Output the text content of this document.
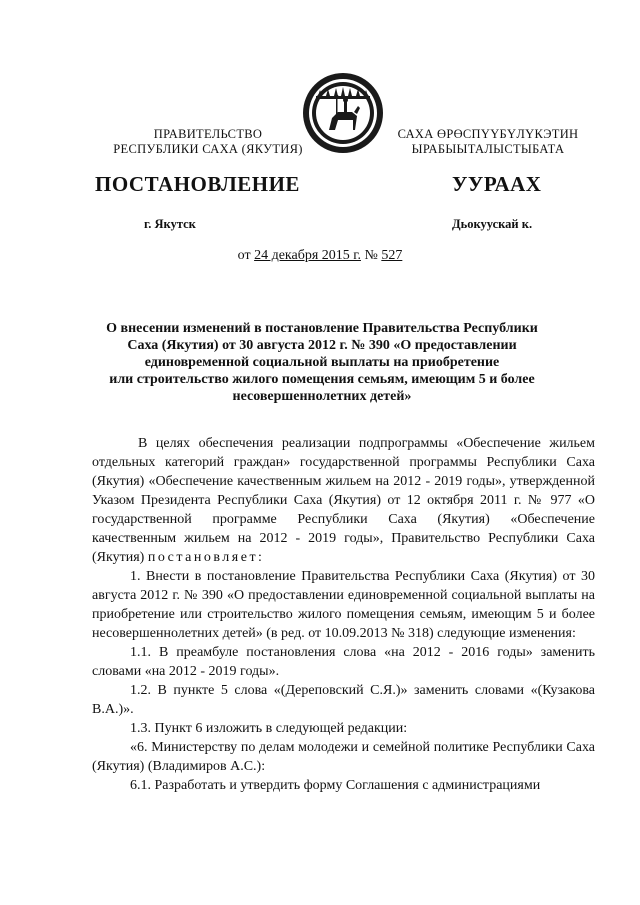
ПРАВИТЕЛЬСТВО
РЕСПУБЛИКИ САХА (ЯКУТИЯ)
САХА ӨРӨСПҮҮБҮЛҮКЭТИН
ЫРАБЫЫТАЛЫСТЫБАТА
ПОСТАНОВЛЕНИЕ	УУРААХ
г. Якутск	Дьокуускай к.
от 24 декабря 2015 г. № 527
О внесении изменений в постановление Правительства Республики
Саха (Якутия) от 30 августа 2012 г. № 390 «О предоставлении
единовременной социальной выплаты на приобретение
или строительство жилого помещения семьям, имеющим 5 и более
несовершеннолетних детей»

В целях обеспечения реализации подпрограммы «Обеспечение жильем отдельных категорий граждан» государственной программы Республики Саха (Якутия) «Обеспечение качественным жильем на 2012 - 2019 годы», утвержденной Указом Президента Республики Саха (Якутия) от 12 октября 2011 г. № 977 «О государственной программе Республики Саха (Якутия) «Обеспечение качественным жильем на 2012 - 2019 годы», Правительство Республики Саха (Якутия) постановляет:

1. Внести в постановление Правительства Республики Саха (Якутия) от 30 августа 2012 г. № 390 «О предоставлении единовременной социальной выплаты на приобретение или строительство жилого помещения семьям, имеющим 5 и более несовершеннолетних детей» (в ред. от 10.09.2013 № 318) следующие изменения:

1.1. В преамбуле постановления слова «на 2012 - 2016 годы» заменить словами «на 2012 - 2019 годы».

1.2. В пункте 5 слова «(Дереповский С.Я.)» заменить словами «(Кузакова В.А.)».

1.3. Пункт 6 изложить в следующей редакции:

«6. Министерству по делам молодежи и семейной политике Республики Саха (Якутия) (Владимиров А.С.):

6.1. Разработать и утвердить форму Соглашения с администрациями
